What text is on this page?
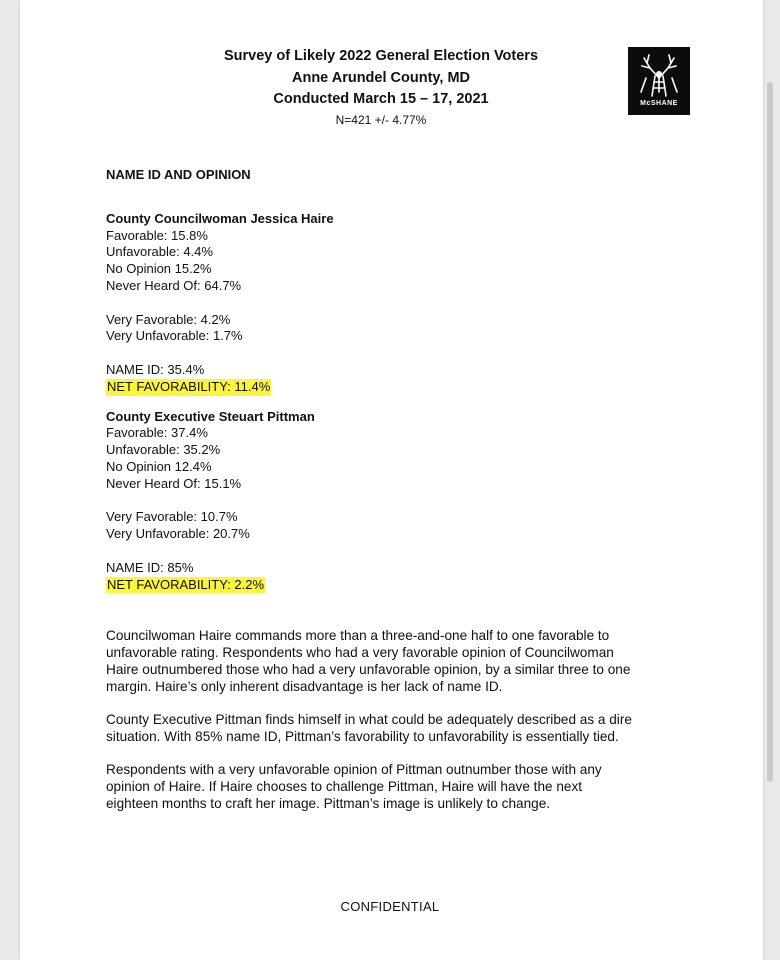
Survey of Likely 2022 General Election Voters
Anne Arundel County, MD
Conducted March 15 – 17, 2021
N=421 +/- 4.77%
McSHANE
NAME ID AND OPINION
County Councilwoman Jessica Haire
Favorable: 15.8%
Unfavorable: 4.4%
No Opinion 15.2%
Never Heard Of: 64.7%
Very Favorable: 4.2%
Very Unfavorable: 1.7%
NAME ID: 35.4%
NET FAVORABILITY: 11.4%
County Executive Steuart Pittman
Favorable: 37.4%
Unfavorable: 35.2%
No Opinion 12.4%
Never Heard Of: 15.1%
Very Favorable: 10.7%
Very Unfavorable: 20.7%
NAME ID: 85%
NET FAVORABILITY: 2.2%
Councilwoman Haire commands more than a three-and-one half to one favorable to
unfavorable rating. Respondents who had a very favorable opinion of Councilwoman
Haire outnumbered those who had a very unfavorable opinion, by a similar three to one
margin. Haire’s only inherent disadvantage is her lack of name ID.
County Executive Pittman finds himself in what could be adequately described as a dire
situation. With 85% name ID, Pittman’s favorability to unfavorability is essentially tied.
Respondents with a very unfavorable opinion of Pittman outnumber those with any
opinion of Haire. If Haire chooses to challenge Pittman, Haire will have the next
eighteen months to craft her image. Pittman’s image is unlikely to change.
CONFIDENTIAL
